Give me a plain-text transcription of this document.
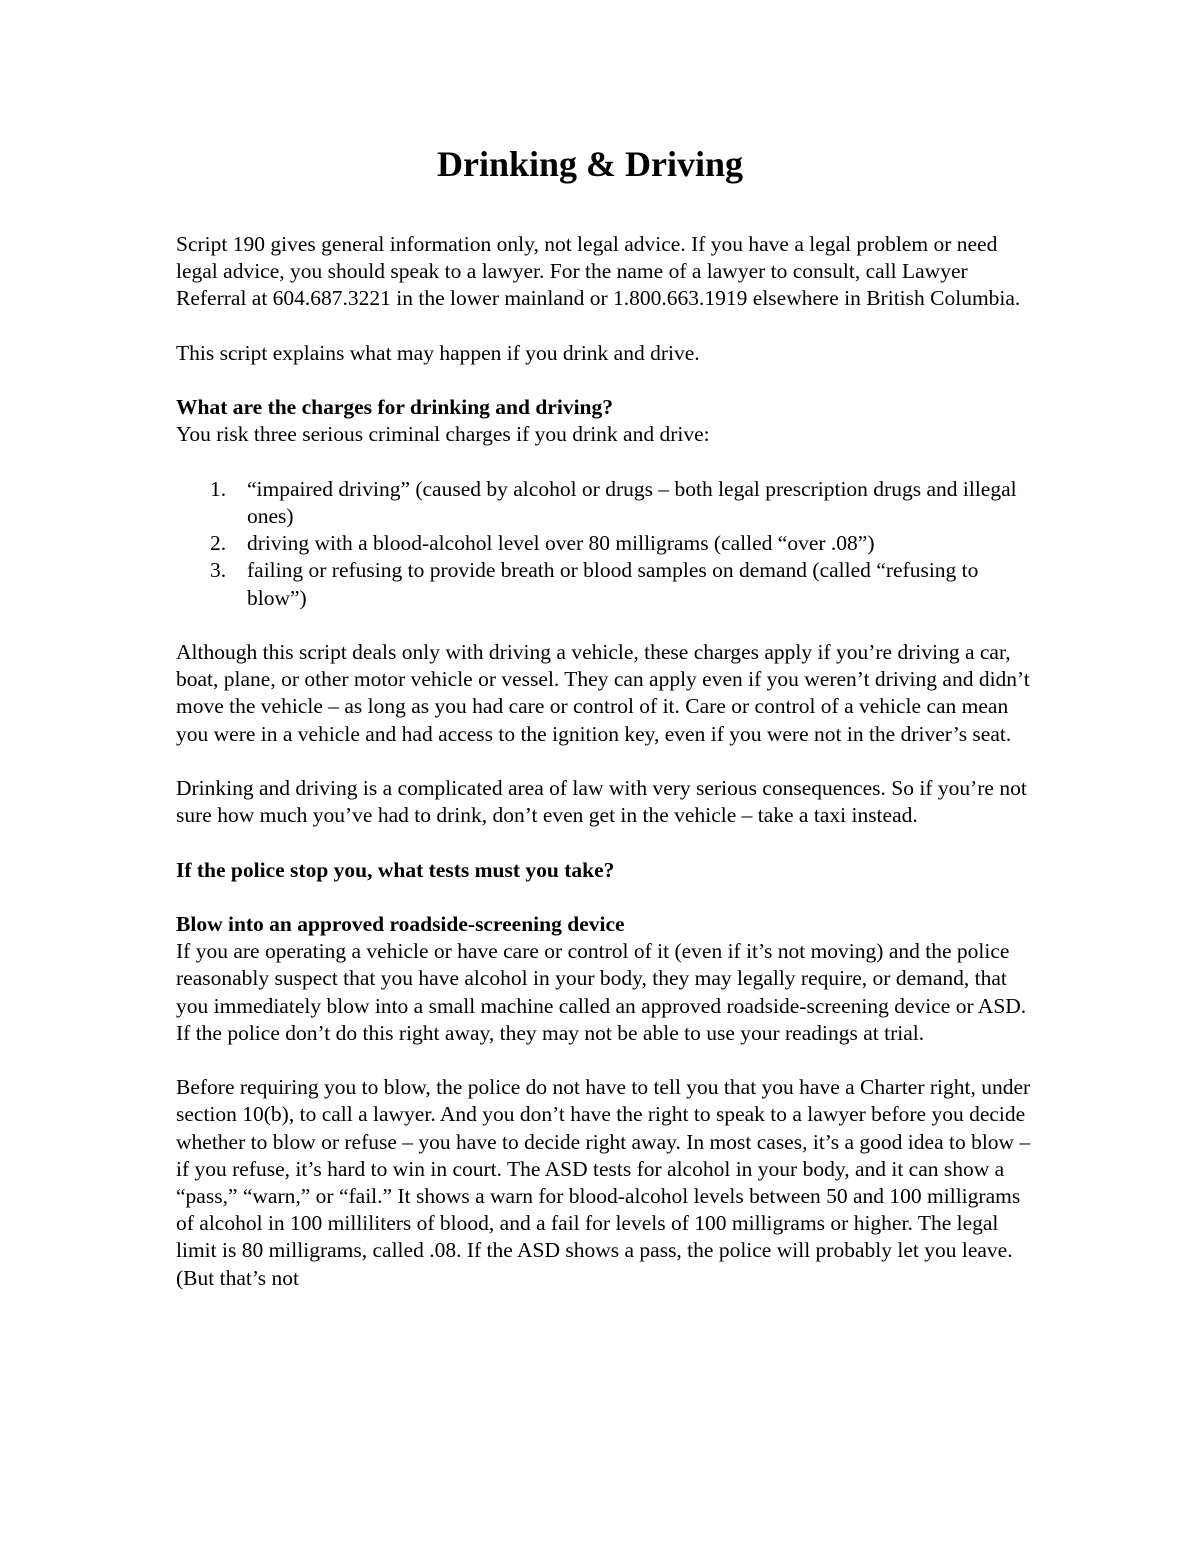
Drinking & Driving

Script 190 gives general information only, not legal advice. If you have a legal problem or need legal advice, you should speak to a lawyer. For the name of a lawyer to consult, call Lawyer Referral at 604.687.3221 in the lower mainland or 1.800.663.1919 elsewhere in British Columbia.

This script explains what may happen if you drink and drive.

What are the charges for drinking and driving?

You risk three serious criminal charges if you drink and drive:

1. “impaired driving” (caused by alcohol or drugs – both legal prescription drugs and illegal ones)
2. driving with a blood-alcohol level over 80 milligrams (called “over .08”)
3. failing or refusing to provide breath or blood samples on demand (called “refusing to blow”)

Although this script deals only with driving a vehicle, these charges apply if you’re driving a car, boat, plane, or other motor vehicle or vessel. They can apply even if you weren’t driving and didn’t move the vehicle – as long as you had care or control of it. Care or control of a vehicle can mean you were in a vehicle and had access to the ignition key, even if you were not in the driver’s seat.

Drinking and driving is a complicated area of law with very serious consequences. So if you’re not sure how much you’ve had to drink, don’t even get in the vehicle – take a taxi instead.

If the police stop you, what tests must you take?

Blow into an approved roadside-screening device

If you are operating a vehicle or have care or control of it (even if it’s not moving) and the police reasonably suspect that you have alcohol in your body, they may legally require, or demand, that you immediately blow into a small machine called an approved roadside-screening device or ASD. If the police don’t do this right away, they may not be able to use your readings at trial.

Before requiring you to blow, the police do not have to tell you that you have a Charter right, under section 10(b), to call a lawyer. And you don’t have the right to speak to a lawyer before you decide whether to blow or refuse – you have to decide right away. In most cases, it’s a good idea to blow – if you refuse, it’s hard to win in court. The ASD tests for alcohol in your body, and it can show a “pass,” “warn,” or “fail.” It shows a warn for blood-alcohol levels between 50 and 100 milligrams of alcohol in 100 milliliters of blood, and a fail for levels of 100 milligrams or higher. The legal limit is 80 milligrams, called .08. If the ASD shows a pass, the police will probably let you leave. (But that’s not
